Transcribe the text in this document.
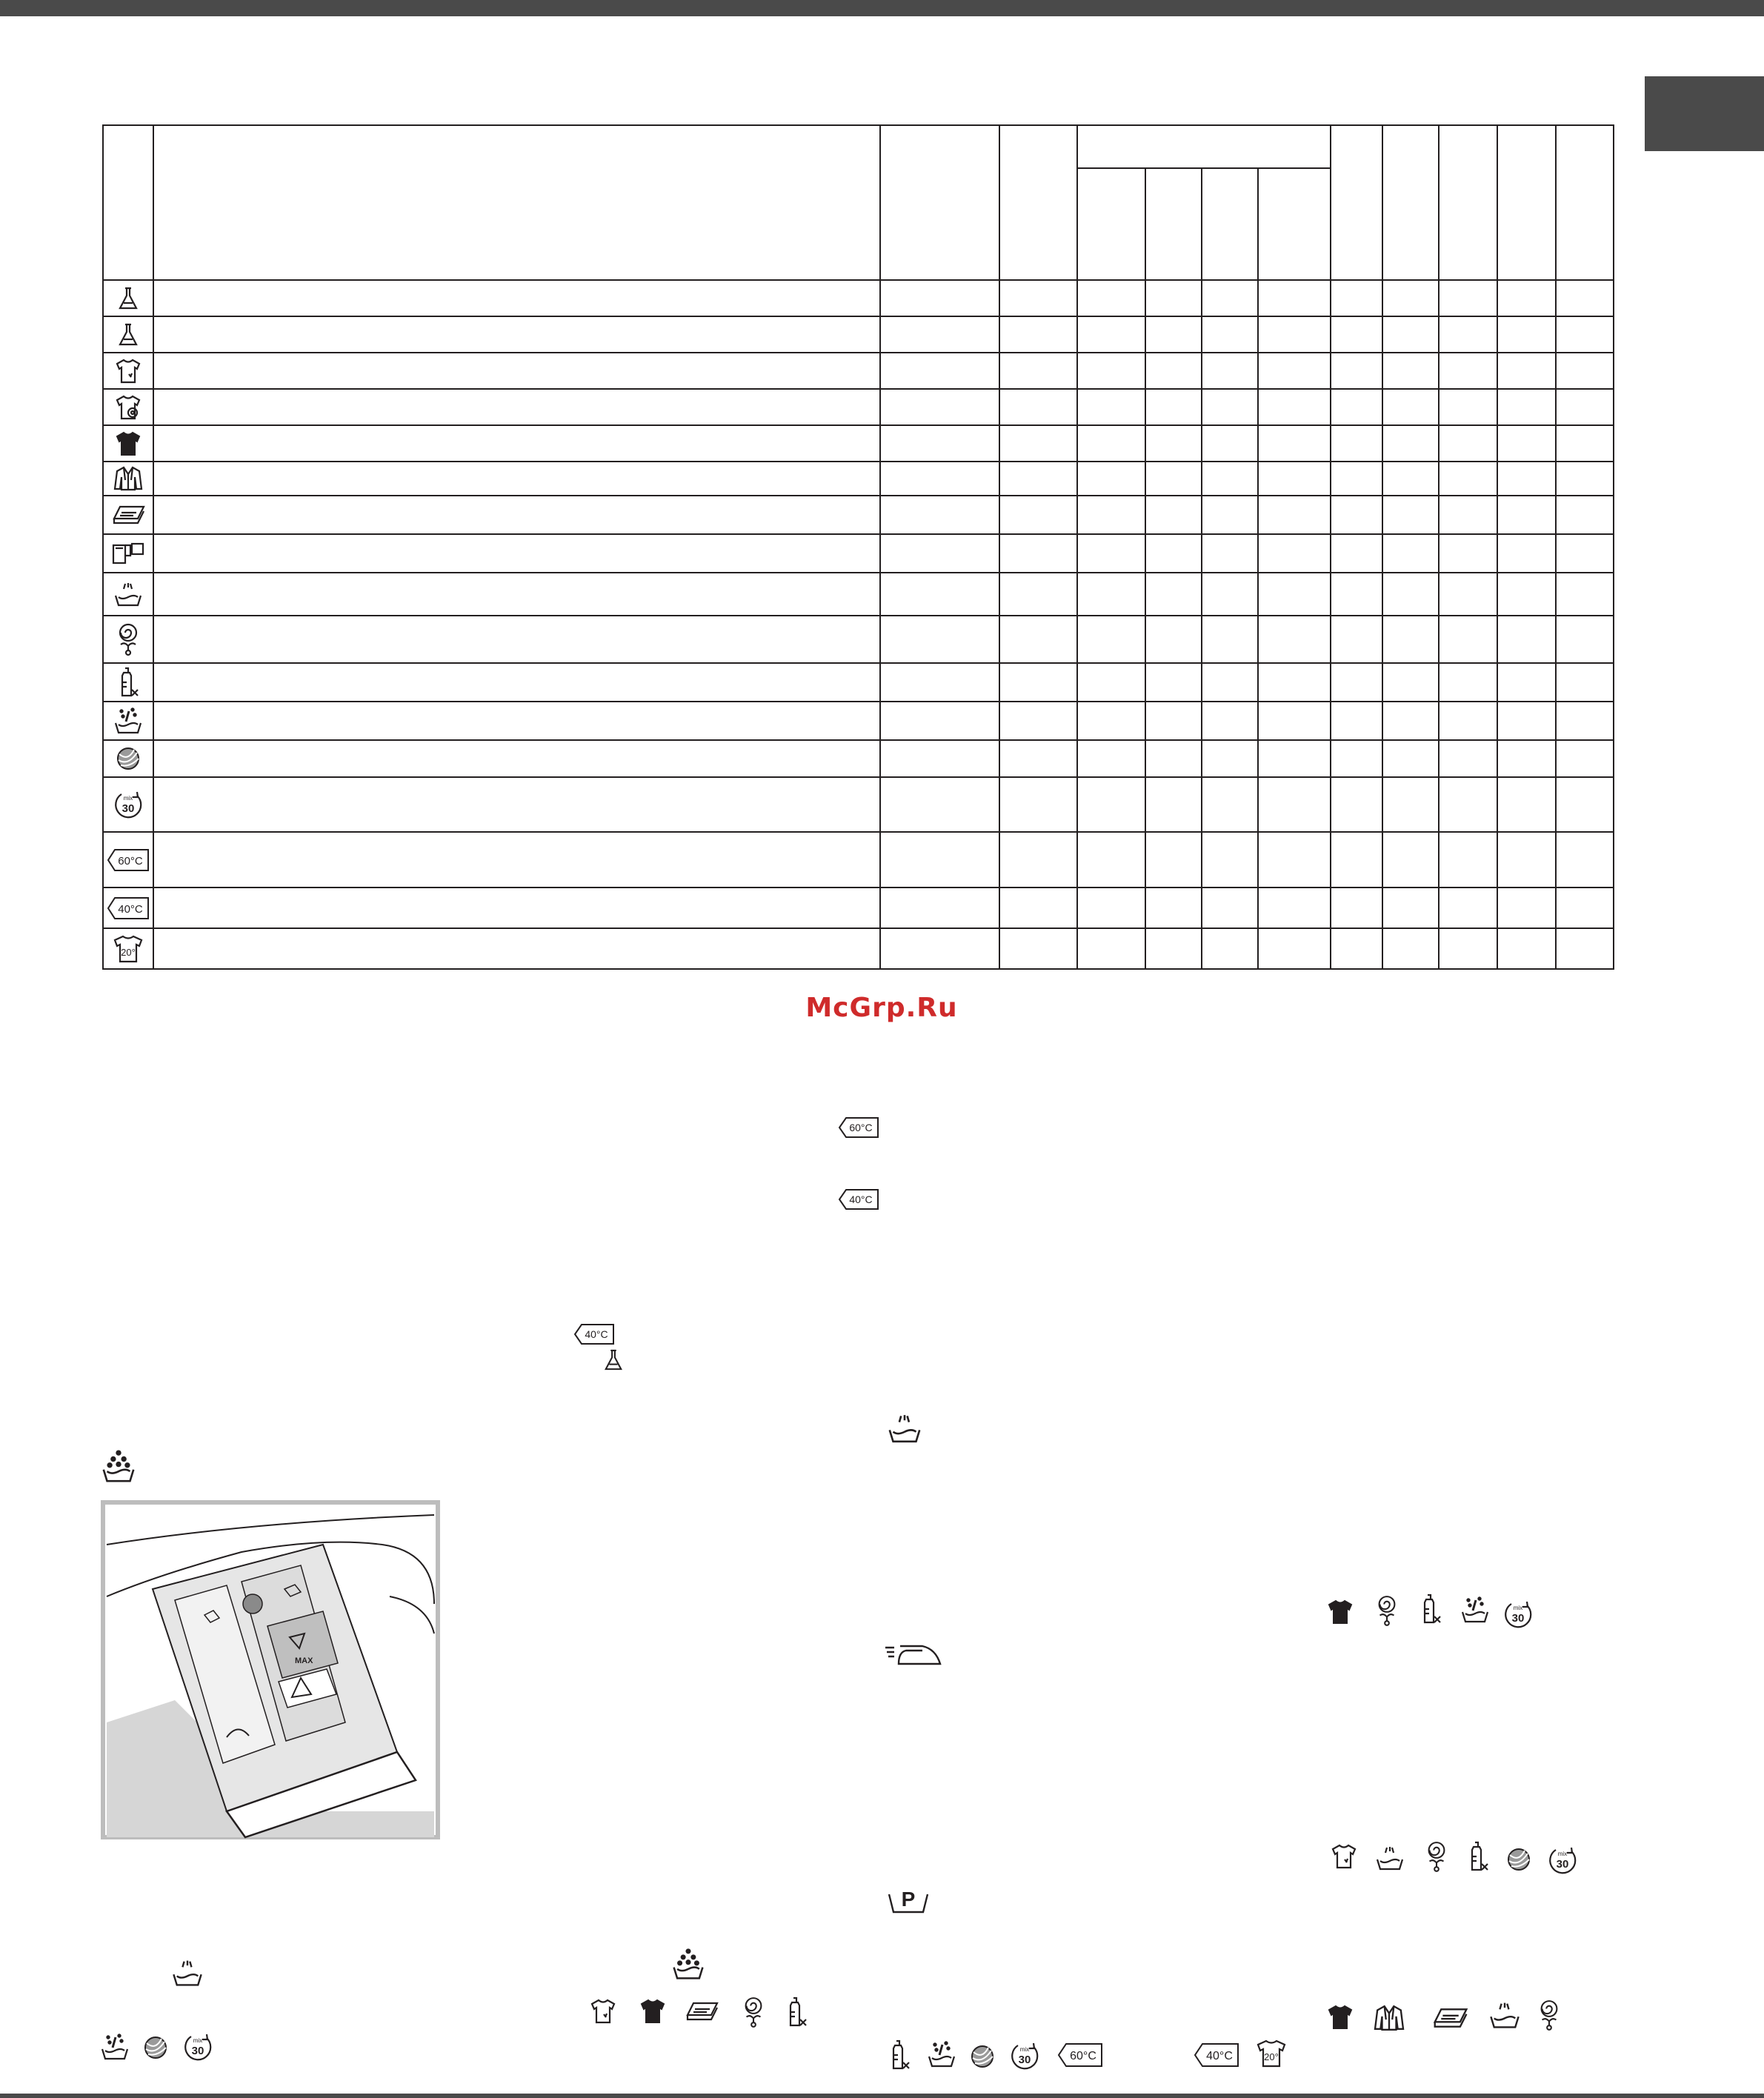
mix
30												

60°C												

40°C												

20°												

McGrp.Ru
60°C
40°C
40°C
MAX
mix
30
mix
30
P
mix
30	mix
30	60°C	40°C	20°
